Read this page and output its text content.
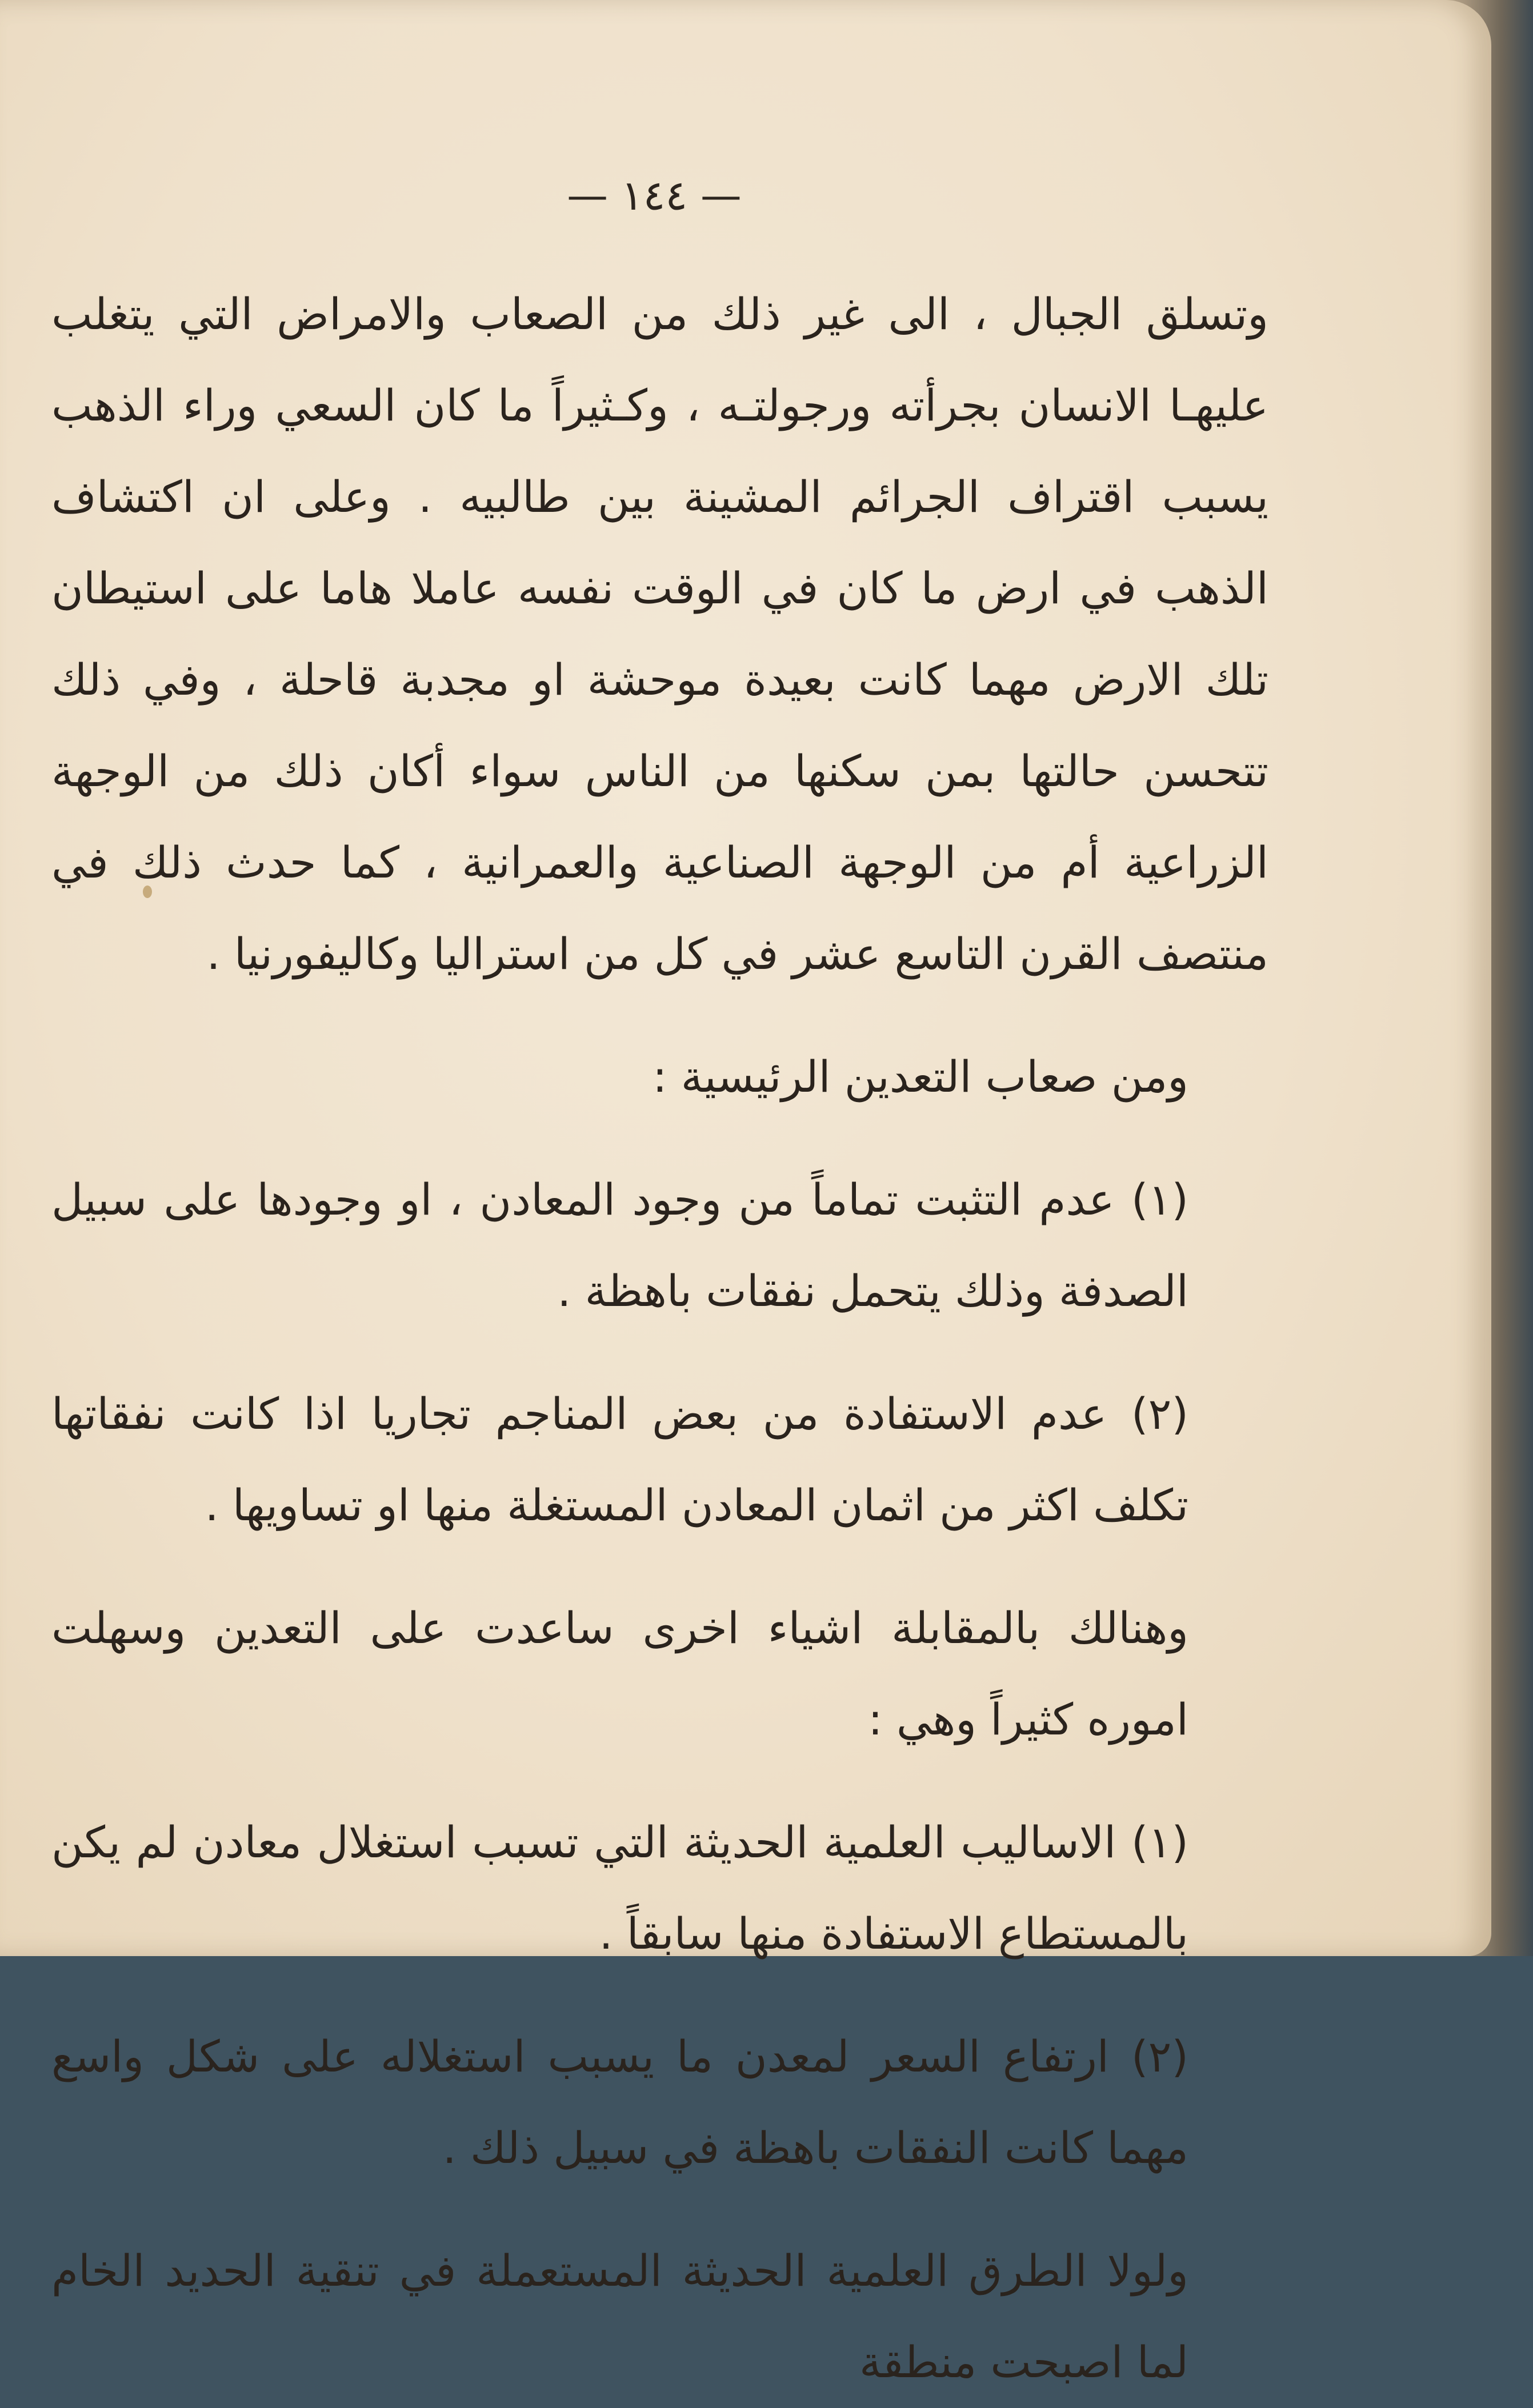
— ١٤٤ —

وتسلق الجبال ، الى غير ذلك من الصعاب والامراض التي يتغلب عليهـا الانسان بجرأته ورجولتـه ، وكـثيراً ما كان السعي وراء الذهب يسبب اقتراف الجرائم المشينة بين طالبيه . وعلى ان اكتشاف الذهب في ارض ما كان في الوقت نفسه عاملا هاما على استيطان تلك الارض مهما كانت بعيدة موحشة او مجدبة قاحلة ، وفي ذلك تتحسن حالتها بمن سكنها من الناس سواء أكان ذلك من الوجهة الزراعية أم من الوجهة الصناعية والعمرانية ، كما حدث ذلك في منتصف القرن التاسع عشر في كل من استراليا وكاليفورنيا .

ومن صعاب التعدين الرئيسية :

(١) عدم التثبت تماماً من وجود المعادن ، او وجودها على سبيل الصدفة وذلك يتحمل نفقات باهظة .

(٢) عدم الاستفادة من بعض المناجم تجاريا اذا كانت نفقاتها تكلف اكثر من اثمان المعادن المستغلة منها او تساويها .

وهنالك بالمقابلة اشياء اخرى ساعدت على التعدين وسهلت اموره كثيراً وهي :

(١) الاساليب العلمية الحديثة التي تسبب استغلال معادن لم يكن بالمستطاع الاستفادة منها سابقاً .

(٢) ارتفاع السعر لمعدن ما يسبب استغلاله على شكل واسع مهما كانت النفقات باهظة في سبيل ذلك .

ولولا الطرق العلمية الحديثة المستعملة في تنقية الحديد الخام لما اصبحت منطقة
